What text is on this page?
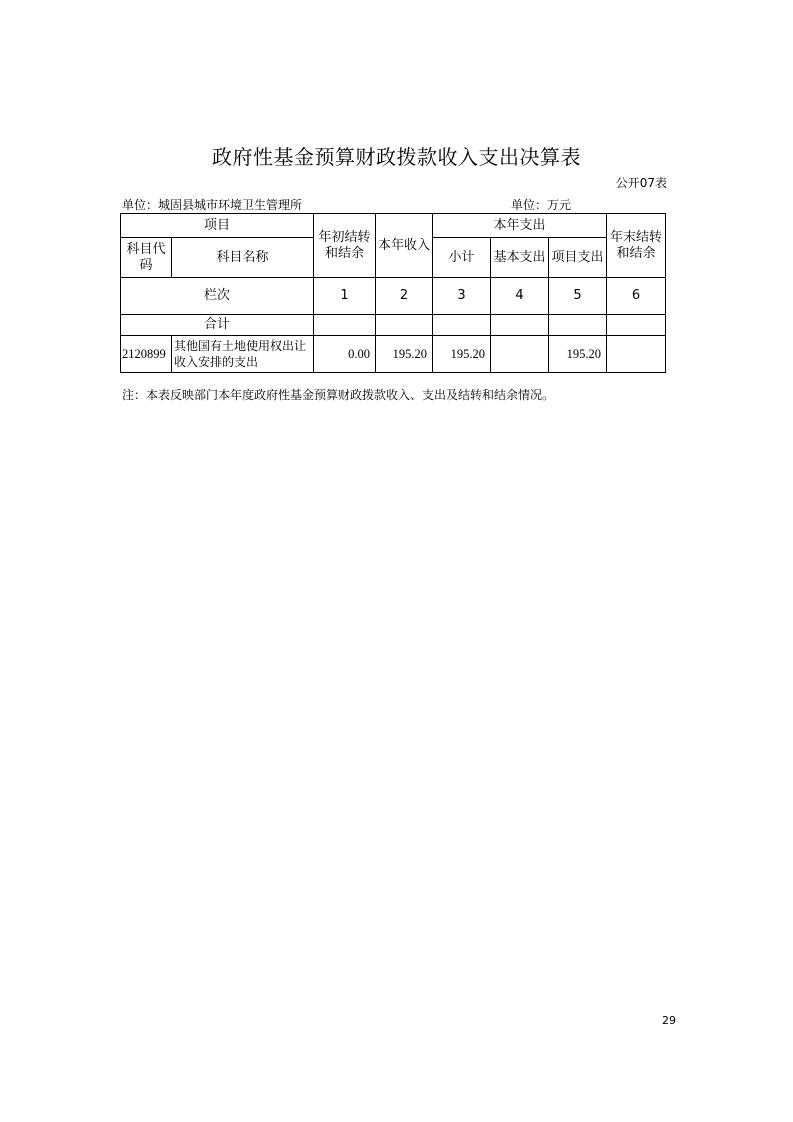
政府性基金预算财政拨款收入支出决算表
公开07表
单位：城固县城市环境卫生管理所	单位：万元
项目		年初结转和结余	本年收入	本年支出			年末结转和结余
科目代码	科目名称			小计	基本支出	项目支出	
栏次		1	2	3	4	5	6
合计							
2120899	其他国有土地使用权出让收入安排的支出	0.00	195.20	195.20		195.20	
注：本表反映部门本年度政府性基金预算财政拨款收入、支出及结转和结余情况。
29
